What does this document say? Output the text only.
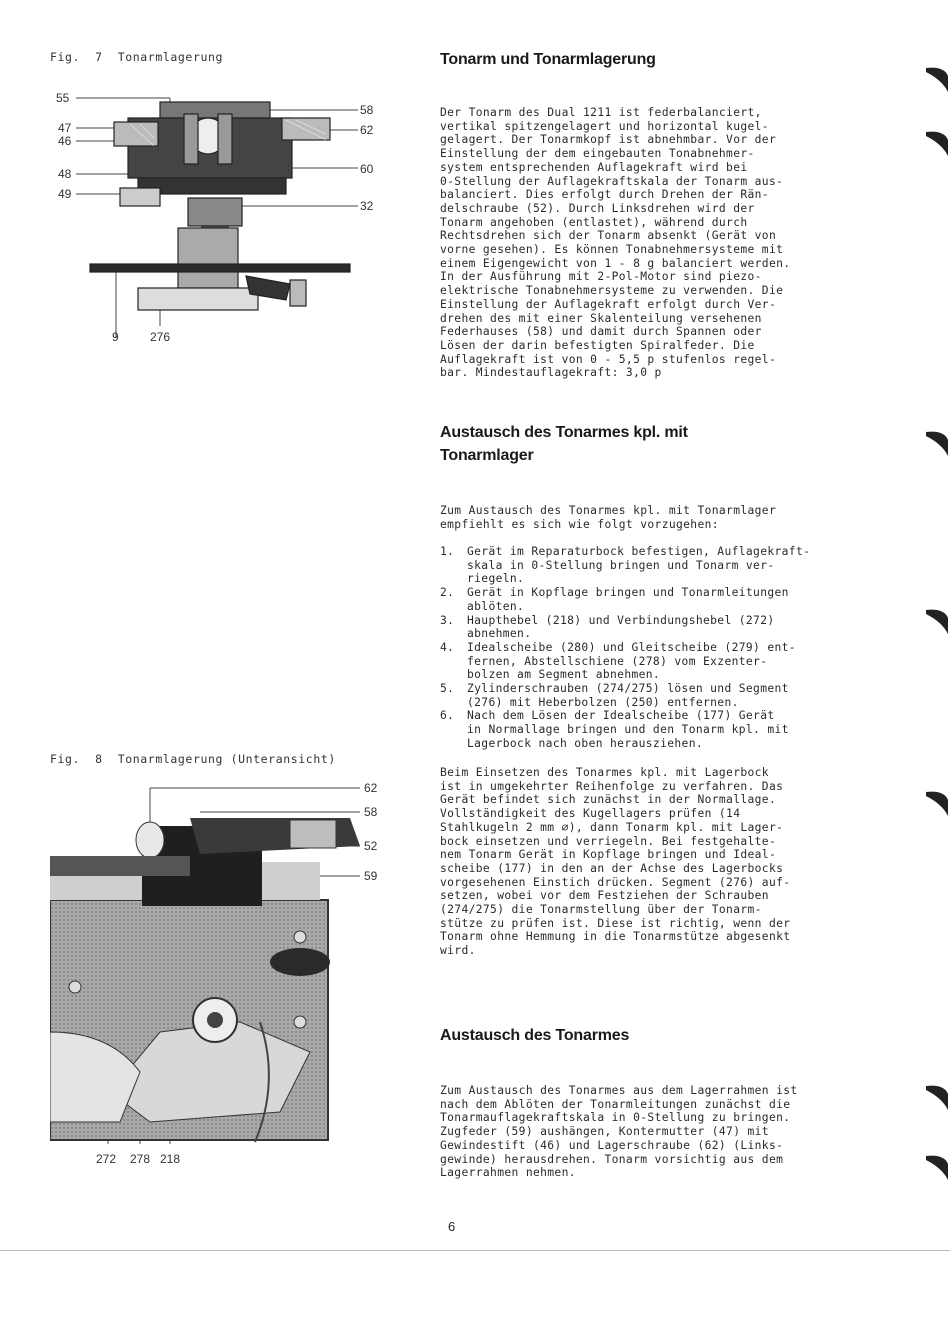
Fig.  7  Tonarmlagerung
55
47
46
48
49
58
62
60
32
9	276
Tonarm und Tonarmlagerung

Der Tonarm des Dual 1211 ist federbalanciert,
vertikal spitzengelagert und horizontal kugel-
gelagert. Der Tonarmkopf ist abnehmbar. Vor der
Einstellung der dem eingebauten Tonabnehmer-
system entsprechenden Auflagekraft wird bei
0-Stellung der Auflagekraftskala der Tonarm aus-
balanciert. Dies erfolgt durch Drehen der Rän-
delschraube (52). Durch Linksdrehen wird der
Tonarm angehoben (entlastet), während durch
Rechtsdrehen sich der Tonarm absenkt (Gerät von
vorne gesehen). Es können Tonabnehmersysteme mit
einem Eigengewicht von 1 - 8 g balanciert werden.
In der Ausführung mit 2-Pol-Motor sind piezo-
elektrische Tonabnehmersysteme zu verwenden. Die
Einstellung der Auflagekraft erfolgt durch Ver-
drehen des mit einer Skalenteilung versehenen
Federhauses (58) und damit durch Spannen oder
Lösen der darin befestigten Spiralfeder. Die
Auflagekraft ist von 0 - 5,5 p stufenlos regel-
bar. Mindestauflagekraft: 3,0 p

Austausch des Tonarmes kpl. mit
Tonarmlager

Zum Austausch des Tonarmes kpl. mit Tonarmlager
empfiehlt es sich wie folgt vorzugehen:

1.	Gerät im Reparaturbock befestigen, Auflagekraft-
skala in 0-Stellung bringen und Tonarm ver-
riegeln.
2.	Gerät in Kopflage bringen und Tonarmleitungen
ablöten.
3.	Haupthebel (218) und Verbindungshebel (272)
abnehmen.
4.	Idealscheibe (280) und Gleitscheibe (279) ent-
fernen, Abstellschiene (278) vom Exzenter-
bolzen am Segment abnehmen.
5.	Zylinderschrauben (274/275) lösen und Segment
(276) mit Heberbolzen (250) entfernen.
6.	Nach dem Lösen der Idealscheibe (177) Gerät
in Normallage bringen und den Tonarm kpl. mit
Lagerbock nach oben herausziehen.

Beim Einsetzen des Tonarmes kpl. mit Lagerbock
ist in umgekehrter Reihenfolge zu verfahren. Das
Gerät befindet sich zunächst in der Normallage.
Vollständigkeit des Kugellagers prüfen (14
Stahlkugeln 2 mm ∅), dann Tonarm kpl. mit Lager-
bock einsetzen und verriegeln. Bei festgehalte-
nem Tonarm Gerät in Kopflage bringen und Ideal-
scheibe (177) in den an der Achse des Lagerbocks
vorgesehenen Einstich drücken. Segment (276) auf-
setzen, wobei vor dem Festziehen der Schrauben
(274/275) die Tonarmstellung über der Tonarm-
stütze zu prüfen ist. Diese ist richtig, wenn der
Tonarm ohne Hemmung in die Tonarmstütze abgesenkt
wird.

Fig.  8  Tonarmlagerung (Unteransicht)
62
58
52
59
272 278 218
Austausch des Tonarmes

Zum Austausch des Tonarmes aus dem Lagerrahmen ist
nach dem Ablöten der Tonarmleitungen zunächst die
Tonarmauflagekraftskala in 0-Stellung zu bringen.
Zugfeder (59) aushängen, Kontermutter (47) mit
Gewindestift (46) und Lagerschraube (62) (Links-
gewinde) herausdrehen. Tonarm vorsichtig aus dem
Lagerrahmen nehmen.

6
